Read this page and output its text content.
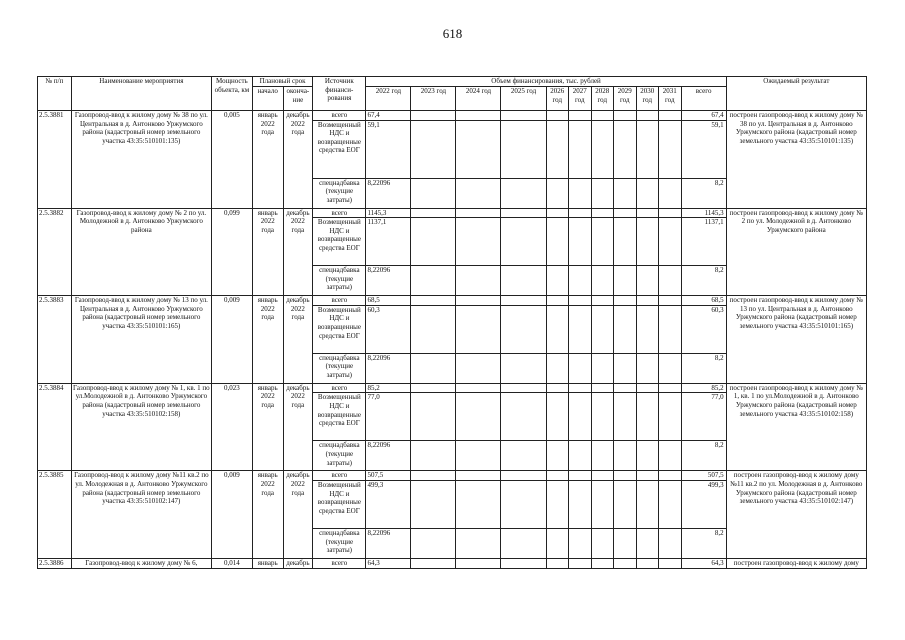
618
№ п/п	Наименование мероприятия	Мощность объекта, км	Плановый срок		Источник финанси-рования	Объем финансирования, тыс. рублей											Ожидаемый результат
			начало	оконча-ние		2022 год	2023 год	2024 год	2025 год	2026 год	2027 год	2028 год	2029 год	2030 год	2031 год	всего	
2.5.3881	Газопровод-ввод к жилому дому № 38 по ул. Центральная в д. Антонково Уржумского района (кадастровый номер земельного участка 43:35:510101:135)	0,005	январь 2022 года	декабрь 2022 года	всего	67,4										67,4	построен газопровод-ввод к жилому дому № 38 по ул. Центральная в д. Антонково Уржумского района (кадастровый номер земельного участка 43:35:510101:135)
					Возмещенный НДС и возвращенные средства ЕОГ	59,1										59,1	
					спецнадбавка (текущие затраты)	8,22096										8,2	
2.5.3882	Газопровод-ввод к жилому дому № 2 по ул. Молодежной в д. Антонково Уржумского района	0,099	январь 2022 года	декабрь 2022 года	всего	1145,3										1145,3	построен газопровод-ввод к жилому дому № 2 по ул. Молодежной в д. Антонково Уржумского района
					Возмещенный НДС и возвращенные средства ЕОГ	1137,1										1137,1	
					спецнадбавка (текущие затраты)	8,22096										8,2	
2.5.3883	Газопровод-ввод к жилому дому № 13 по ул. Центральная в д. Антонково Уржумского района (кадастровый номер земельного участка 43:35:510101:165)	0,009	январь 2022 года	декабрь 2022 года	всего	68,5										68,5	построен газопровод-ввод к жилому дому № 13 по ул. Центральная в д. Антонково Уржумского района (кадастровый номер земельного участка 43:35:510101:165)
					Возмещенный НДС и возвращенные средства ЕОГ	60,3										60,3	
					спецнадбавка (текущие затраты)	8,22096										8,2	
2.5.3884	Газопровод-ввод к жилому дому № 1, кв. 1 по ул.Молодежной в д. Антонково Уржумского района (кадастровый номер земельного участка 43:35:510102:158)	0,023	январь 2022 года	декабрь 2022 года	всего	85,2										85,2	построен газопровод-ввод к жилому дому № 1, кв. 1 по ул.Молодежной в д. Антонково Уржумского района (кадастровый номер земельного участка 43:35:510102:158)
					Возмещенный НДС и возвращенные средства ЕОГ	77,0										77,0	
					спецнадбавка (текущие затраты)	8,22096										8,2	
2.5.3885	Газопровод-ввод к жилому дому №11 кв.2 по ул. Молодежная в д. Антонково Уржумского района (кадастровый номер земельного участка 43:35:510102:147)	0,009	январь 2022 года	декабрь 2022 года	всего	507,5										507,5	построен газопровод-ввод к жилому дому №11 кв.2 по ул. Молодежная в д. Антонково Уржумского района (кадастровый номер земельного участка 43:35:510102:147)
					Возмещенный НДС и возвращенные средства ЕОГ	499,3										499,3	
					спецнадбавка (текущие затраты)	8,22096										8,2	
2.5.3886	Газопровод-ввод к жилому дому № 6,	0,014	январь	декабрь	всего	64,3										64,3	построен газопровод-ввод к жилому дому
